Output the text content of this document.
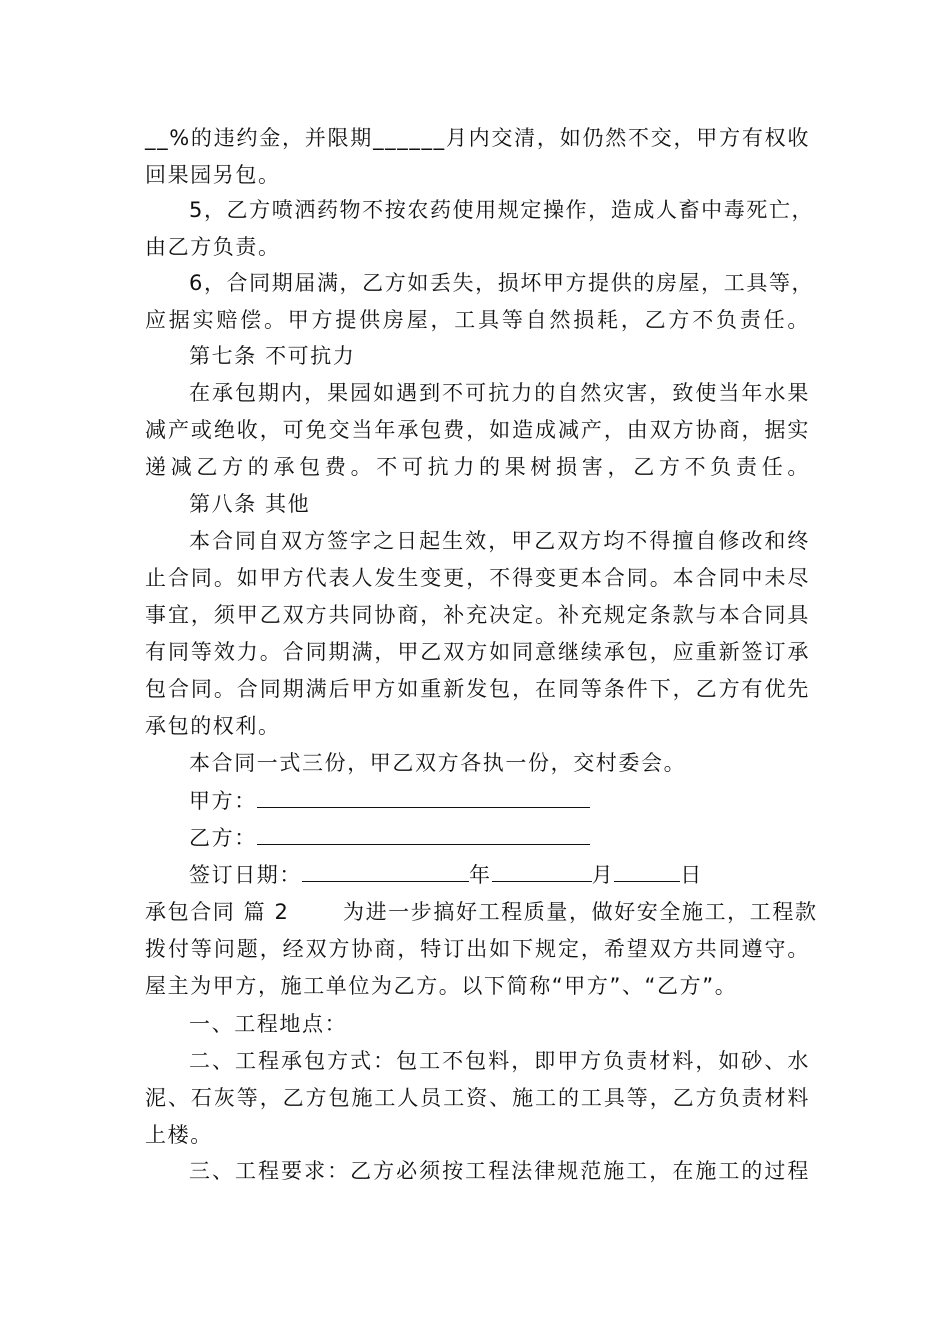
__%的违约金，并限期______月内交清，如仍然不交，甲方有权收
回果园另包。
5，乙方喷洒药物不按农药使用规定操作，造成人畜中毒死亡，
由乙方负责。
6，合同期届满，乙方如丢失，损坏甲方提供的房屋，工具等，
应据实赔偿。甲方提供房屋，工具等自然损耗，乙方不负责任。
第七条 不可抗力
在承包期内，果园如遇到不可抗力的自然灾害，致使当年水果
减产或绝收，可免交当年承包费，如造成减产，由双方协商，据实
递减乙方的承包费。不可抗力的果树损害，乙方不负责任。
第八条 其他
本合同自双方签字之日起生效，甲乙双方均不得擅自修改和终
止合同。如甲方代表人发生变更，不得变更本合同。本合同中未尽
事宜，须甲乙双方共同协商，补充决定。补充规定条款与本合同具
有同等效力。合同期满，甲乙双方如同意继续承包，应重新签订承
包合同。合同期满后甲方如重新发包，在同等条件下，乙方有优先
承包的权利。
本合同一式三份，甲乙双方各执一份，交村委会。
甲方：
乙方：
签订日期：	年	月	日
承包合同 篇 2 　　为进一步搞好工程质量，做好安全施工，工程款
拨付等问题，经双方协商，特订出如下规定，希望双方共同遵守。
屋主为甲方，施工单位为乙方。以下简称“甲方”、“乙方”。
一、工程地点：
二、工程承包方式：包工不包料，即甲方负责材料，如砂、水
泥、石灰等，乙方包施工人员工资、施工的工具等，乙方负责材料
上楼。
三、工程要求：乙方必须按工程法律规范施工，在施工的过程
